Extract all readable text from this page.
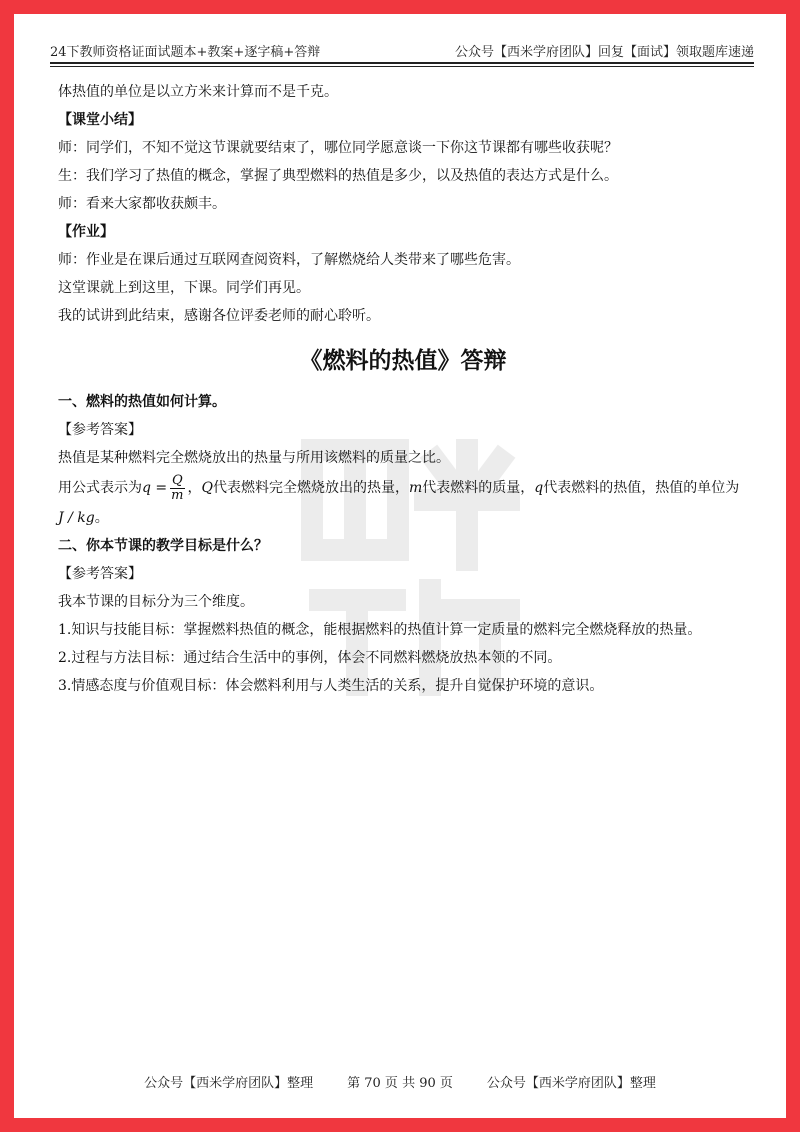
24下教师资格证面试题本+教案+逐字稿+答辩	公众号【西米学府团队】回复【面试】领取题库速递

体热值的单位是以立方米来计算而不是千克。

【课堂小结】

师：同学们，不知不觉这节课就要结束了，哪位同学愿意谈一下你这节课都有哪些收获呢？

生：我们学习了热值的概念，掌握了典型燃料的热值是多少，以及热值的表达方式是什么。

师：看来大家都收获颇丰。

【作业】

师：作业是在课后通过互联网查阅资料，了解燃烧给人类带来了哪些危害。

这堂课就上到这里，下课。同学们再见。

我的试讲到此结束，感谢各位评委老师的耐心聆听。

《燃料的热值》答辩

一、燃料的热值如何计算。

【参考答案】

热值是某种燃料完全燃烧放出的热量与所用该燃料的质量之比。

用公式表示为$q = \frac{Q}{m}$ ，Q代表燃料完全燃烧放出的热量，m代表燃料的质量，q代表燃料的热值，热值的单位为

J / kg。

二、你本节课的教学目标是什么？

【参考答案】

我本节课的目标分为三个维度。

1.知识与技能目标：掌握燃料热值的概念，能根据燃料的热值计算一定质量的燃料完全燃烧释放的热量。

2.过程与方法目标：通过结合生活中的事例，体会不同燃料燃烧放热本领的不同。

3.情感态度与价值观目标：体会燃料利用与人类生活的关系，提升自觉保护环境的意识。

公众号【西米学府团队】整理	第 70 页 共 90 页	公众号【西米学府团队】整理
